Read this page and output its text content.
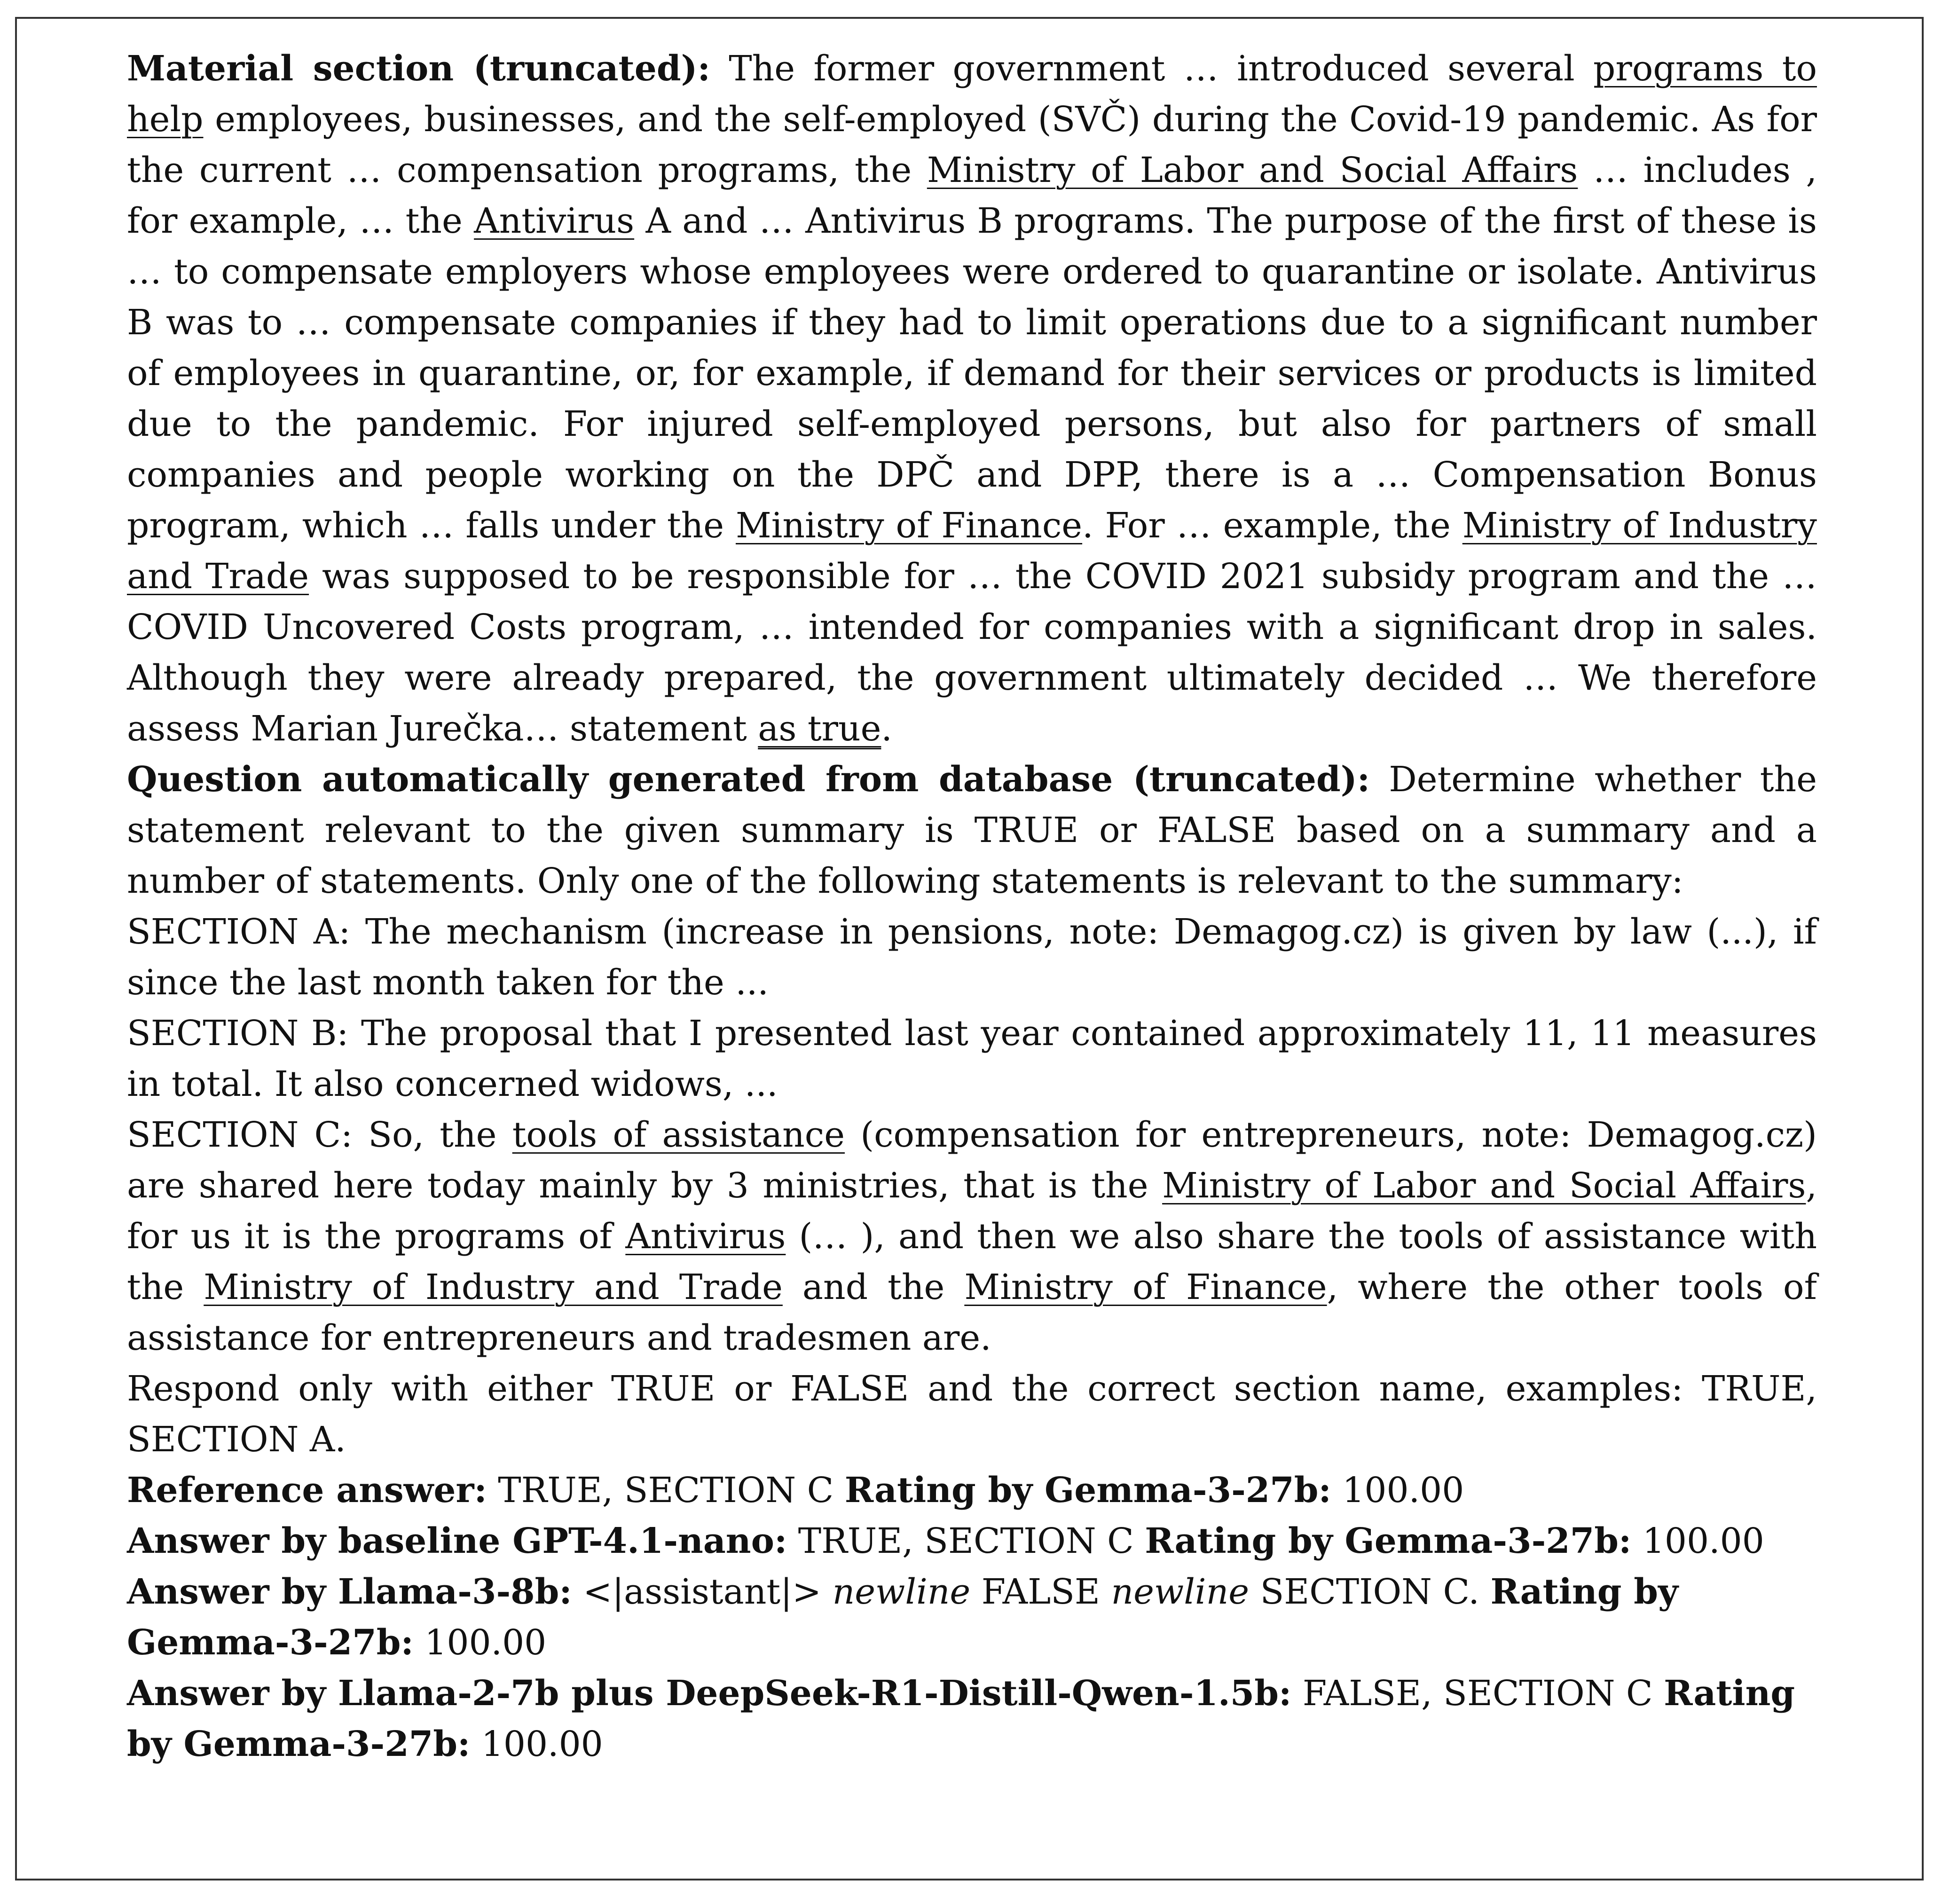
Material section (truncated): The former government … introduced several programs to help employees, businesses, and the self-employed (SVČ) during the Covid-19 pandemic. As for the current … compensation programs, the Ministry of Labor and Social Affairs … includes , for example, … the Antivirus A and … Antivirus B programs. The purpose of the first of these is … to compensate employers whose employees were ordered to quarantine or isolate. Antivirus B was to … compensate companies if they had to limit operations due to a significant number of employees in quarantine, or, for example, if demand for their services or products is limited due to the pandemic. For injured self-employed persons, but also for partners of small companies and people working on the DPČ and DPP, there is a … Compensation Bonus program, which … falls under the Ministry of Finance. For … example, the Ministry of Industry and Trade was supposed to be responsible for … the COVID 2021 subsidy program and the … COVID Uncovered Costs program, … intended for companies with a significant drop in sales. Although they were already prepared, the government ultimately decided … We therefore assess Marian Jurečka… statement as true.

Question automatically generated from database (truncated): Determine whether the statement relevant to the given summary is TRUE or FALSE based on a summary and a number of statements. Only one of the following statements is relevant to the summary:

SECTION A: The mechanism (increase in pensions, note: Demagog.cz) is given by law (...), if since the last month taken for the ...

SECTION B: The proposal that I presented last year contained approximately 11, 11 measures in total. It also concerned widows, ...

SECTION C: So, the tools of assistance (compensation for entrepreneurs, note: Demagog.cz) are shared here today mainly by 3 ministries, that is the Ministry of Labor and Social Affairs, for us it is the programs of Antivirus (… ), and then we also share the tools of assistance with the Ministry of Industry and Trade and the Ministry of Finance, where the other tools of assistance for entrepreneurs and tradesmen are.

Respond only with either TRUE or FALSE and the correct section name, examples: TRUE, SECTION A.

Reference answer: TRUE, SECTION C Rating by Gemma-3-27b: 100.00

Answer by baseline GPT-4.1-nano: TRUE, SECTION C Rating by Gemma-3-27b: 100.00

Answer by Llama-3-8b: <|assistant|> newline FALSE newline SECTION C. Rating by Gemma-3-27b: 100.00

Answer by Llama-2-7b plus DeepSeek-R1-Distill-Qwen-1.5b: FALSE, SECTION C Rating by Gemma-3-27b: 100.00
